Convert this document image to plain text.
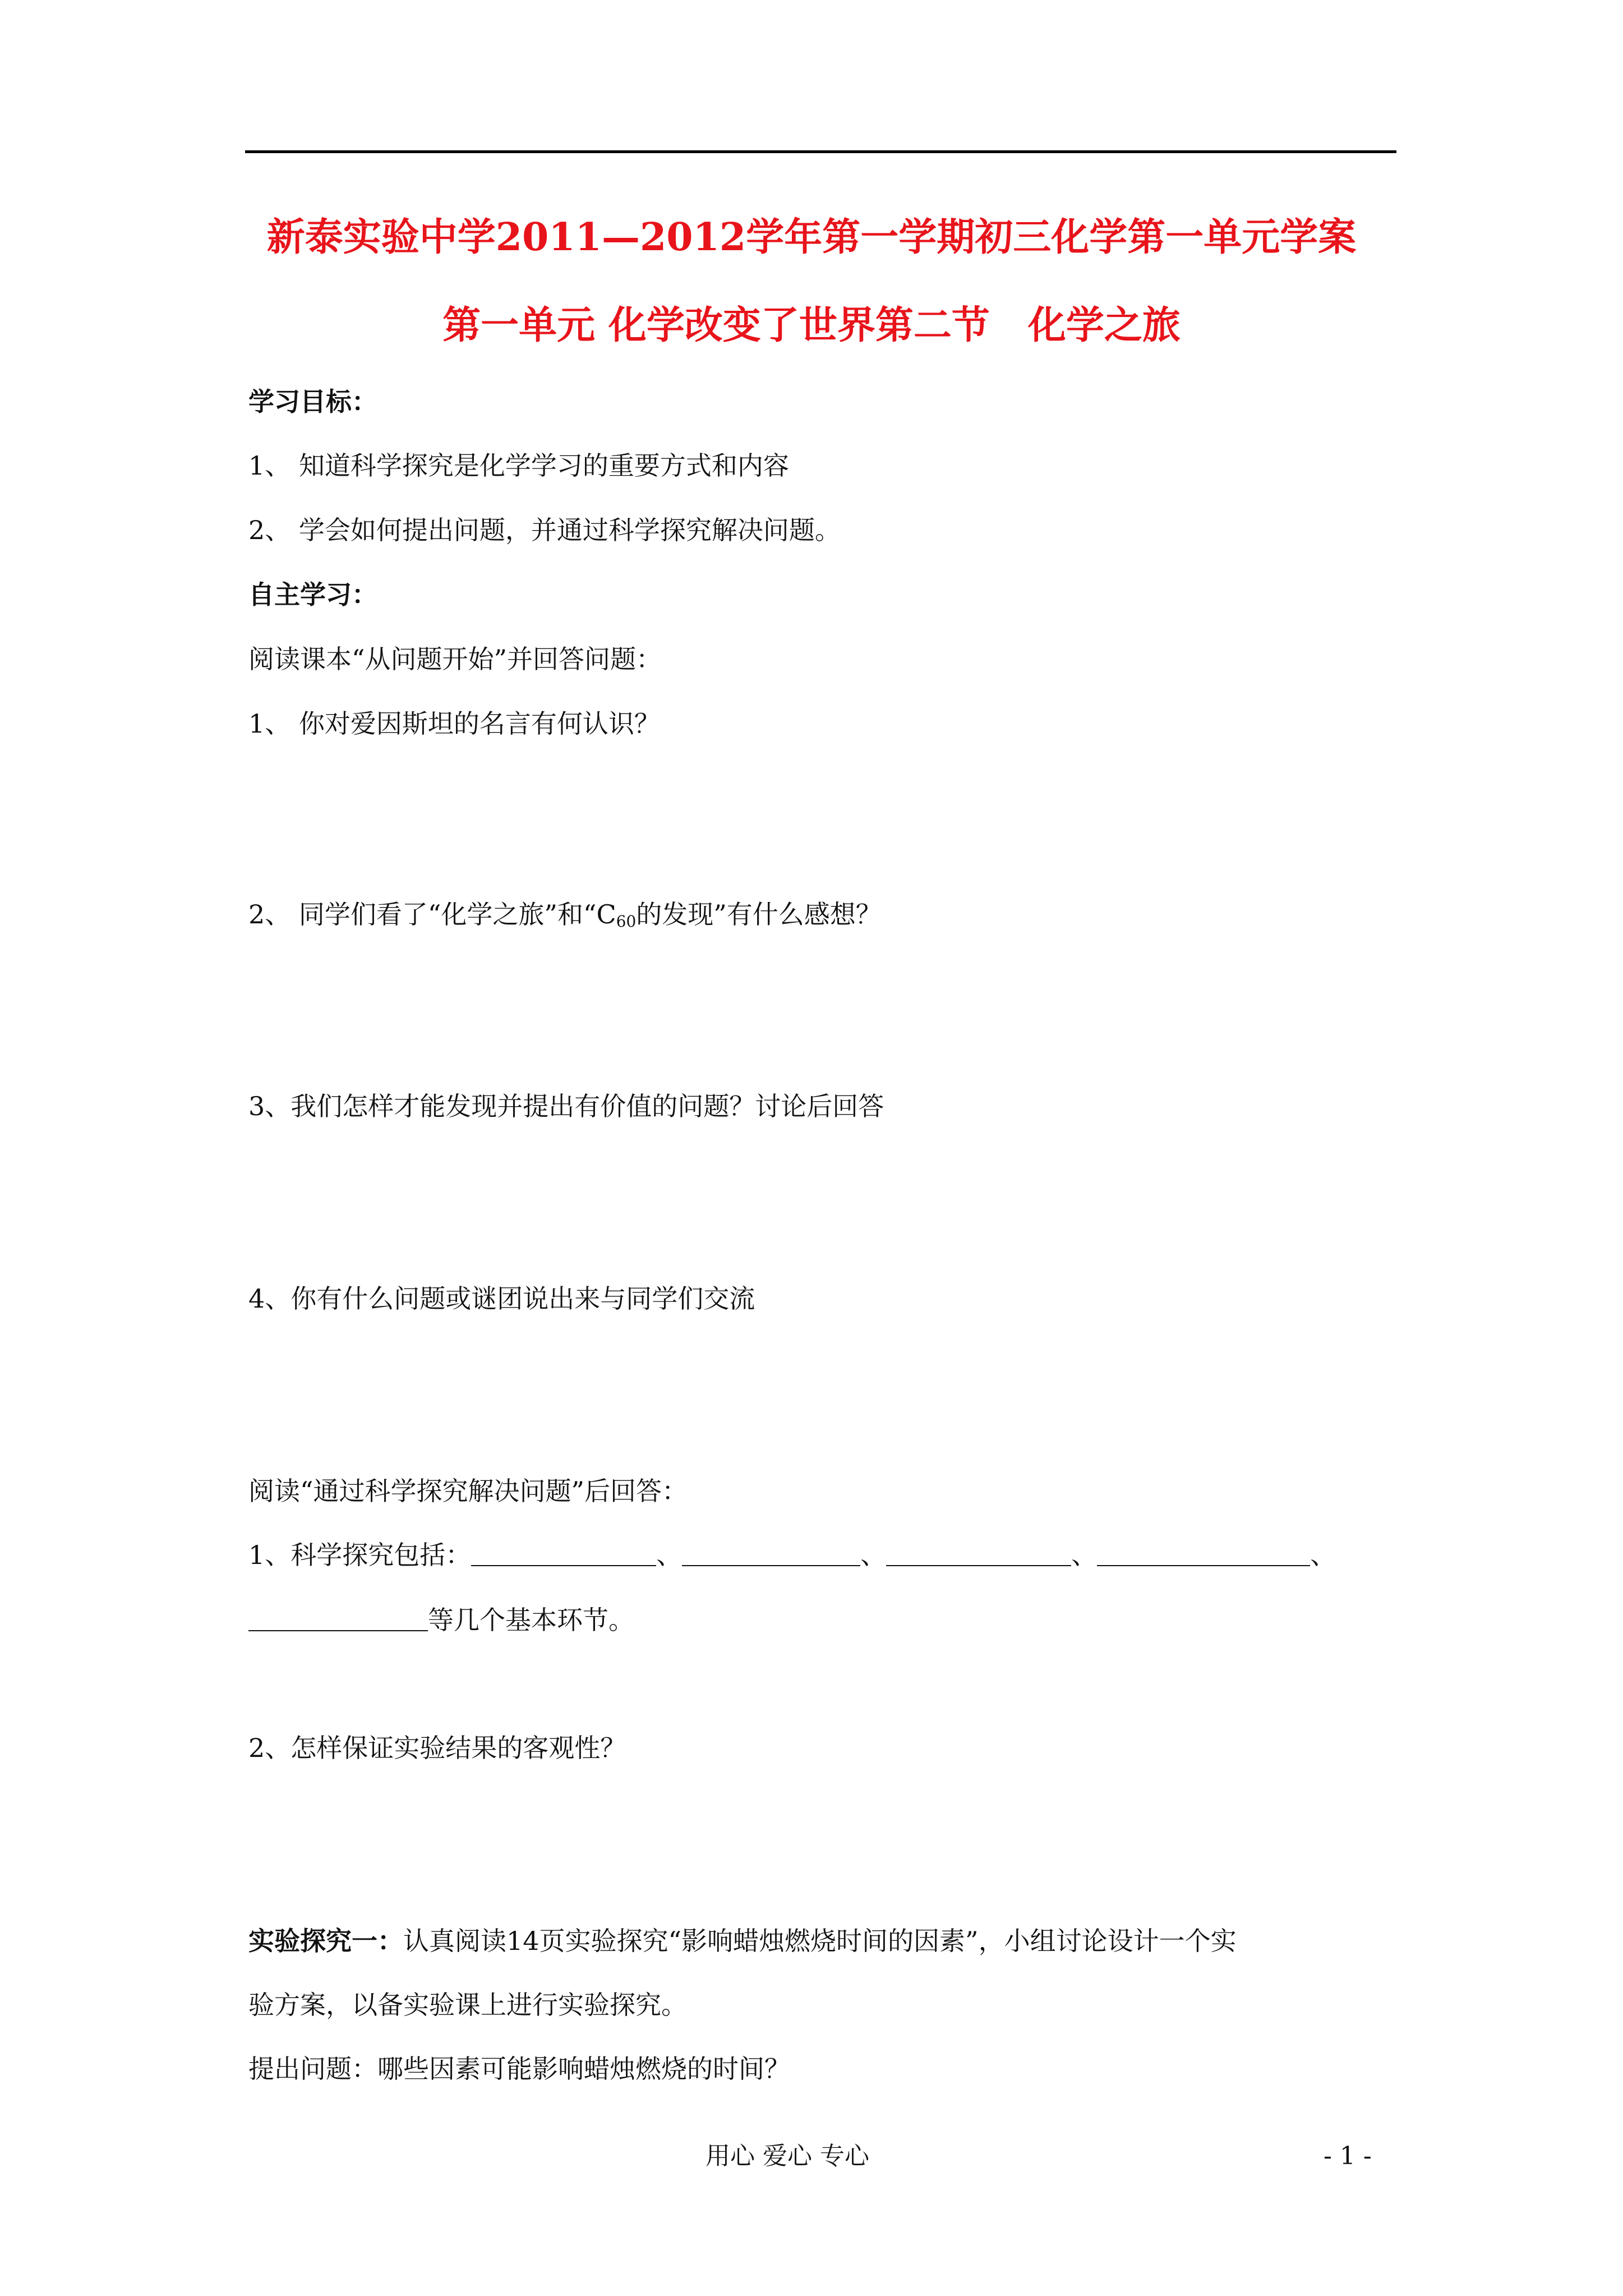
新泰实验中学2011—2012学年第一学期初三化学第一单元学案
第一单元 化学改变了世界第二节　化学之旅
学习目标：
1、 知道科学探究是化学学习的重要方式和内容
2、 学会如何提出问题，并通过科学探究解决问题。
自主学习：
阅读课本“从问题开始”并回答问题：
1、 你对爱因斯坦的名言有何认识？
2、 同学们看了“化学之旅”和“$C_{60}$的发现”有什么感想？
3、我们怎样才能发现并提出有价值的问题？讨论后回答
4、你有什么问题或谜团说出来与同学们交流
阅读“通过科学探究解决问题”后回答：
1、科学探究包括：	、	、	、	、
等几个基本环节。
2、怎样保证实验结果的客观性？
实验探究一：认真阅读14页实验探究“影响蜡烛燃烧时间的因素”，小组讨论设计一个实
验方案，以备实验课上进行实验探究。
提出问题：哪些因素可能影响蜡烛燃烧的时间？
用心 爱心 专心	- 1 -
